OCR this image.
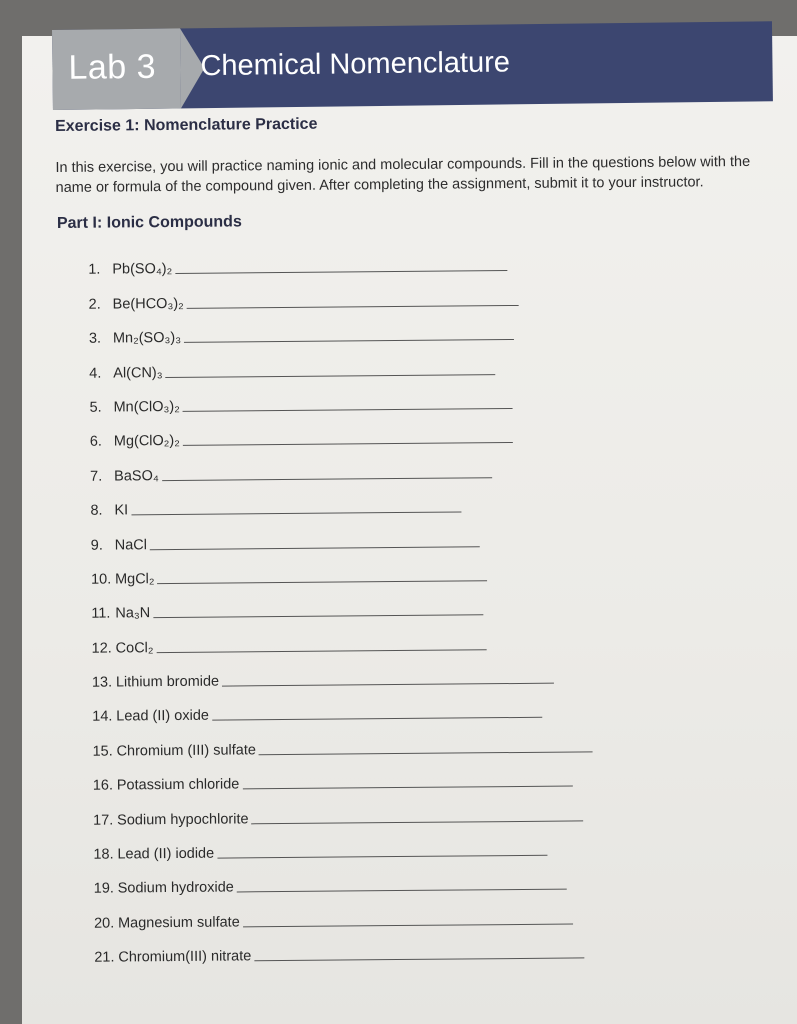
Lab 3 Chemical Nomenclature

Exercise 1: Nomenclature Practice

In this exercise, you will practice naming ionic and molecular compounds. Fill in the questions below with the name or formula of the compound given. After completing the assignment, submit it to your instructor.

Part I: Ionic Compounds

1. Pb(SO₄)₂
2. Be(HCO₃)₂
3. Mn₂(SO₃)₃
4. Al(CN)₃
5. Mn(ClO₃)₂
6. Mg(ClO₂)₂
7. BaSO₄
8. KI
9. NaCl
10. MgCl₂
11. Na₃N
12. CoCl₂
13. Lithium bromide
14. Lead (II) oxide
15. Chromium (III) sulfate
16. Potassium chloride
17. Sodium hypochlorite
18. Lead (II) iodide
19. Sodium hydroxide
20. Magnesium sulfate
21. Chromium(III) nitrate
